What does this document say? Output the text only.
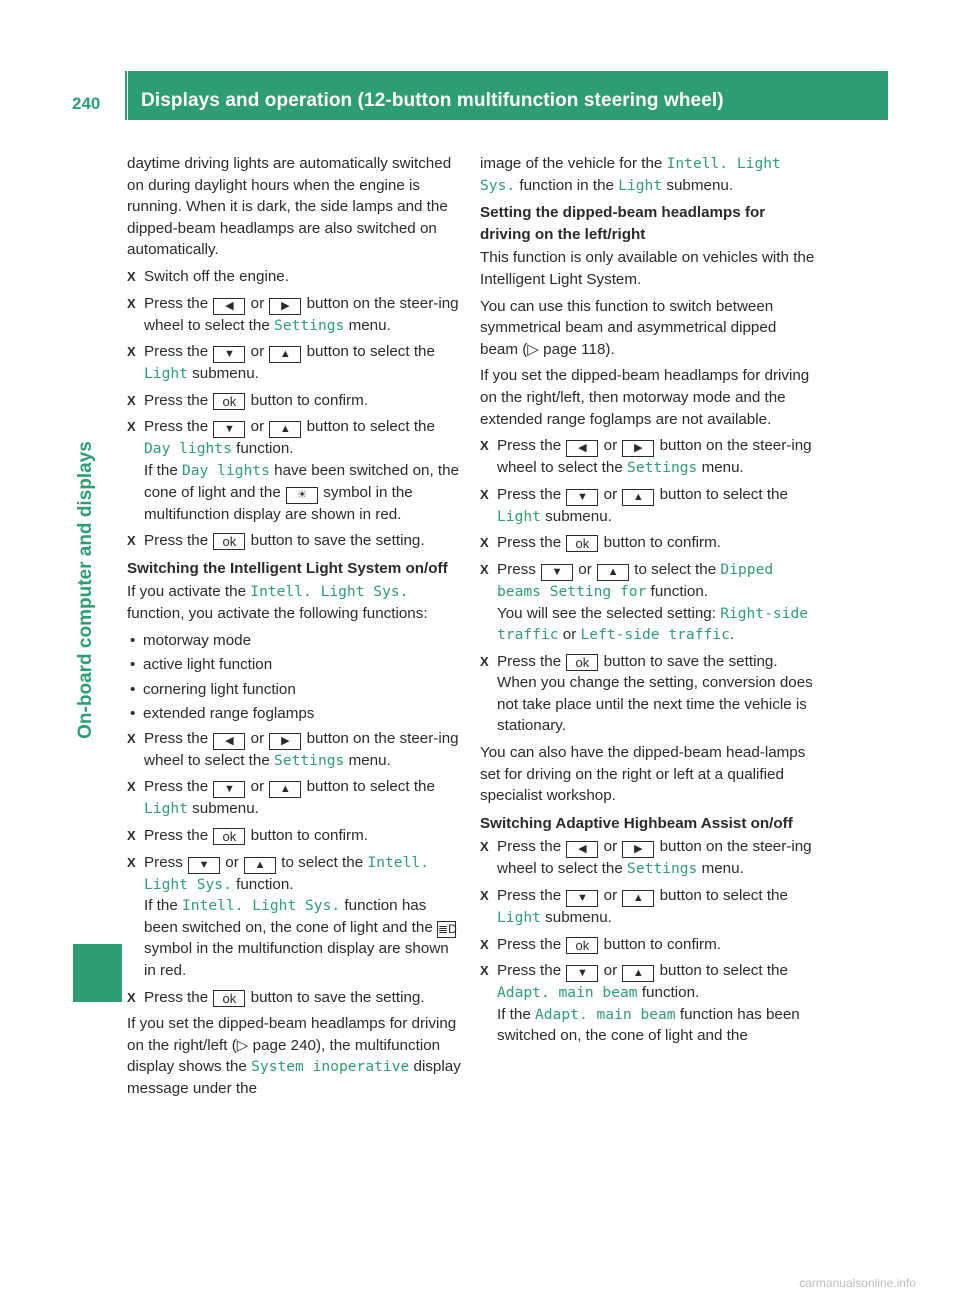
240 Displays and operation (12-button multifunction steering wheel)
On-board computer and displays

daytime driving lights are automatically switched on during daylight hours when the engine is running. When it is dark, the side lamps and the dipped-beam headlamps are also switched on automatically.

X Switch off the engine.
X Press the ◀ or ▶ button on the steer-ing wheel to select the Settings menu.
X Press the ▼ or ▲ button to select the Light submenu.
X Press the ok button to confirm.
X Press the ▼ or ▲ button to select the Day lights function.
If the Day lights have been switched on, the cone of light and the ☀ symbol in the multifunction display are shown in red.
X Press the ok button to save the setting.
Switching the Intelligent Light System on/off

If you activate the Intell. Light Sys. function, you activate the following functions:

• motorway mode
• active light function
• cornering light function
• extended range foglamps
X Press the ◀ or ▶ button on the steer-ing wheel to select the Settings menu.
X Press the ▼ or ▲ button to select the Light submenu.
X Press the ok button to confirm.
X Press ▼ or ▲ to select the Intell. Light Sys. function.
If the Intell. Light Sys. function has been switched on, the cone of light and the ≣D symbol in the multifunction display are shown in red.
X Press the ok button to save the setting.

If you set the dipped-beam headlamps for driving on the right/left (▷ page 240), the multifunction display shows the System inoperative display message under the

image of the vehicle for the Intell. Light Sys. function in the Light submenu.

Setting the dipped-beam headlamps for driving on the left/right

This function is only available on vehicles with the Intelligent Light System.

You can use this function to switch between symmetrical beam and asymmetrical dipped beam (▷ page 118).

If you set the dipped-beam headlamps for driving on the right/left, then motorway mode and the extended range foglamps are not available.

X Press the ◀ or ▶ button on the steer-ing wheel to select the Settings menu.
X Press the ▼ or ▲ button to select the Light submenu.
X Press the ok button to confirm.
X Press ▼ or ▲ to select the Dipped beams Setting for function.
You will see the selected setting: Right-side traffic or Left-side traffic.
X Press the ok button to save the setting.
When you change the setting, conversion does not take place until the next time the vehicle is stationary.

You can also have the dipped-beam head-lamps set for driving on the right or left at a qualified specialist workshop.

Switching Adaptive Highbeam Assist on/off
X Press the ◀ or ▶ button on the steer-ing wheel to select the Settings menu.
X Press the ▼ or ▲ button to select the Light submenu.
X Press the ok button to confirm.
X Press the ▼ or ▲ button to select the Adapt. main beam function.
If the Adapt. main beam function has been switched on, the cone of light and the
carmanualsonline.info
